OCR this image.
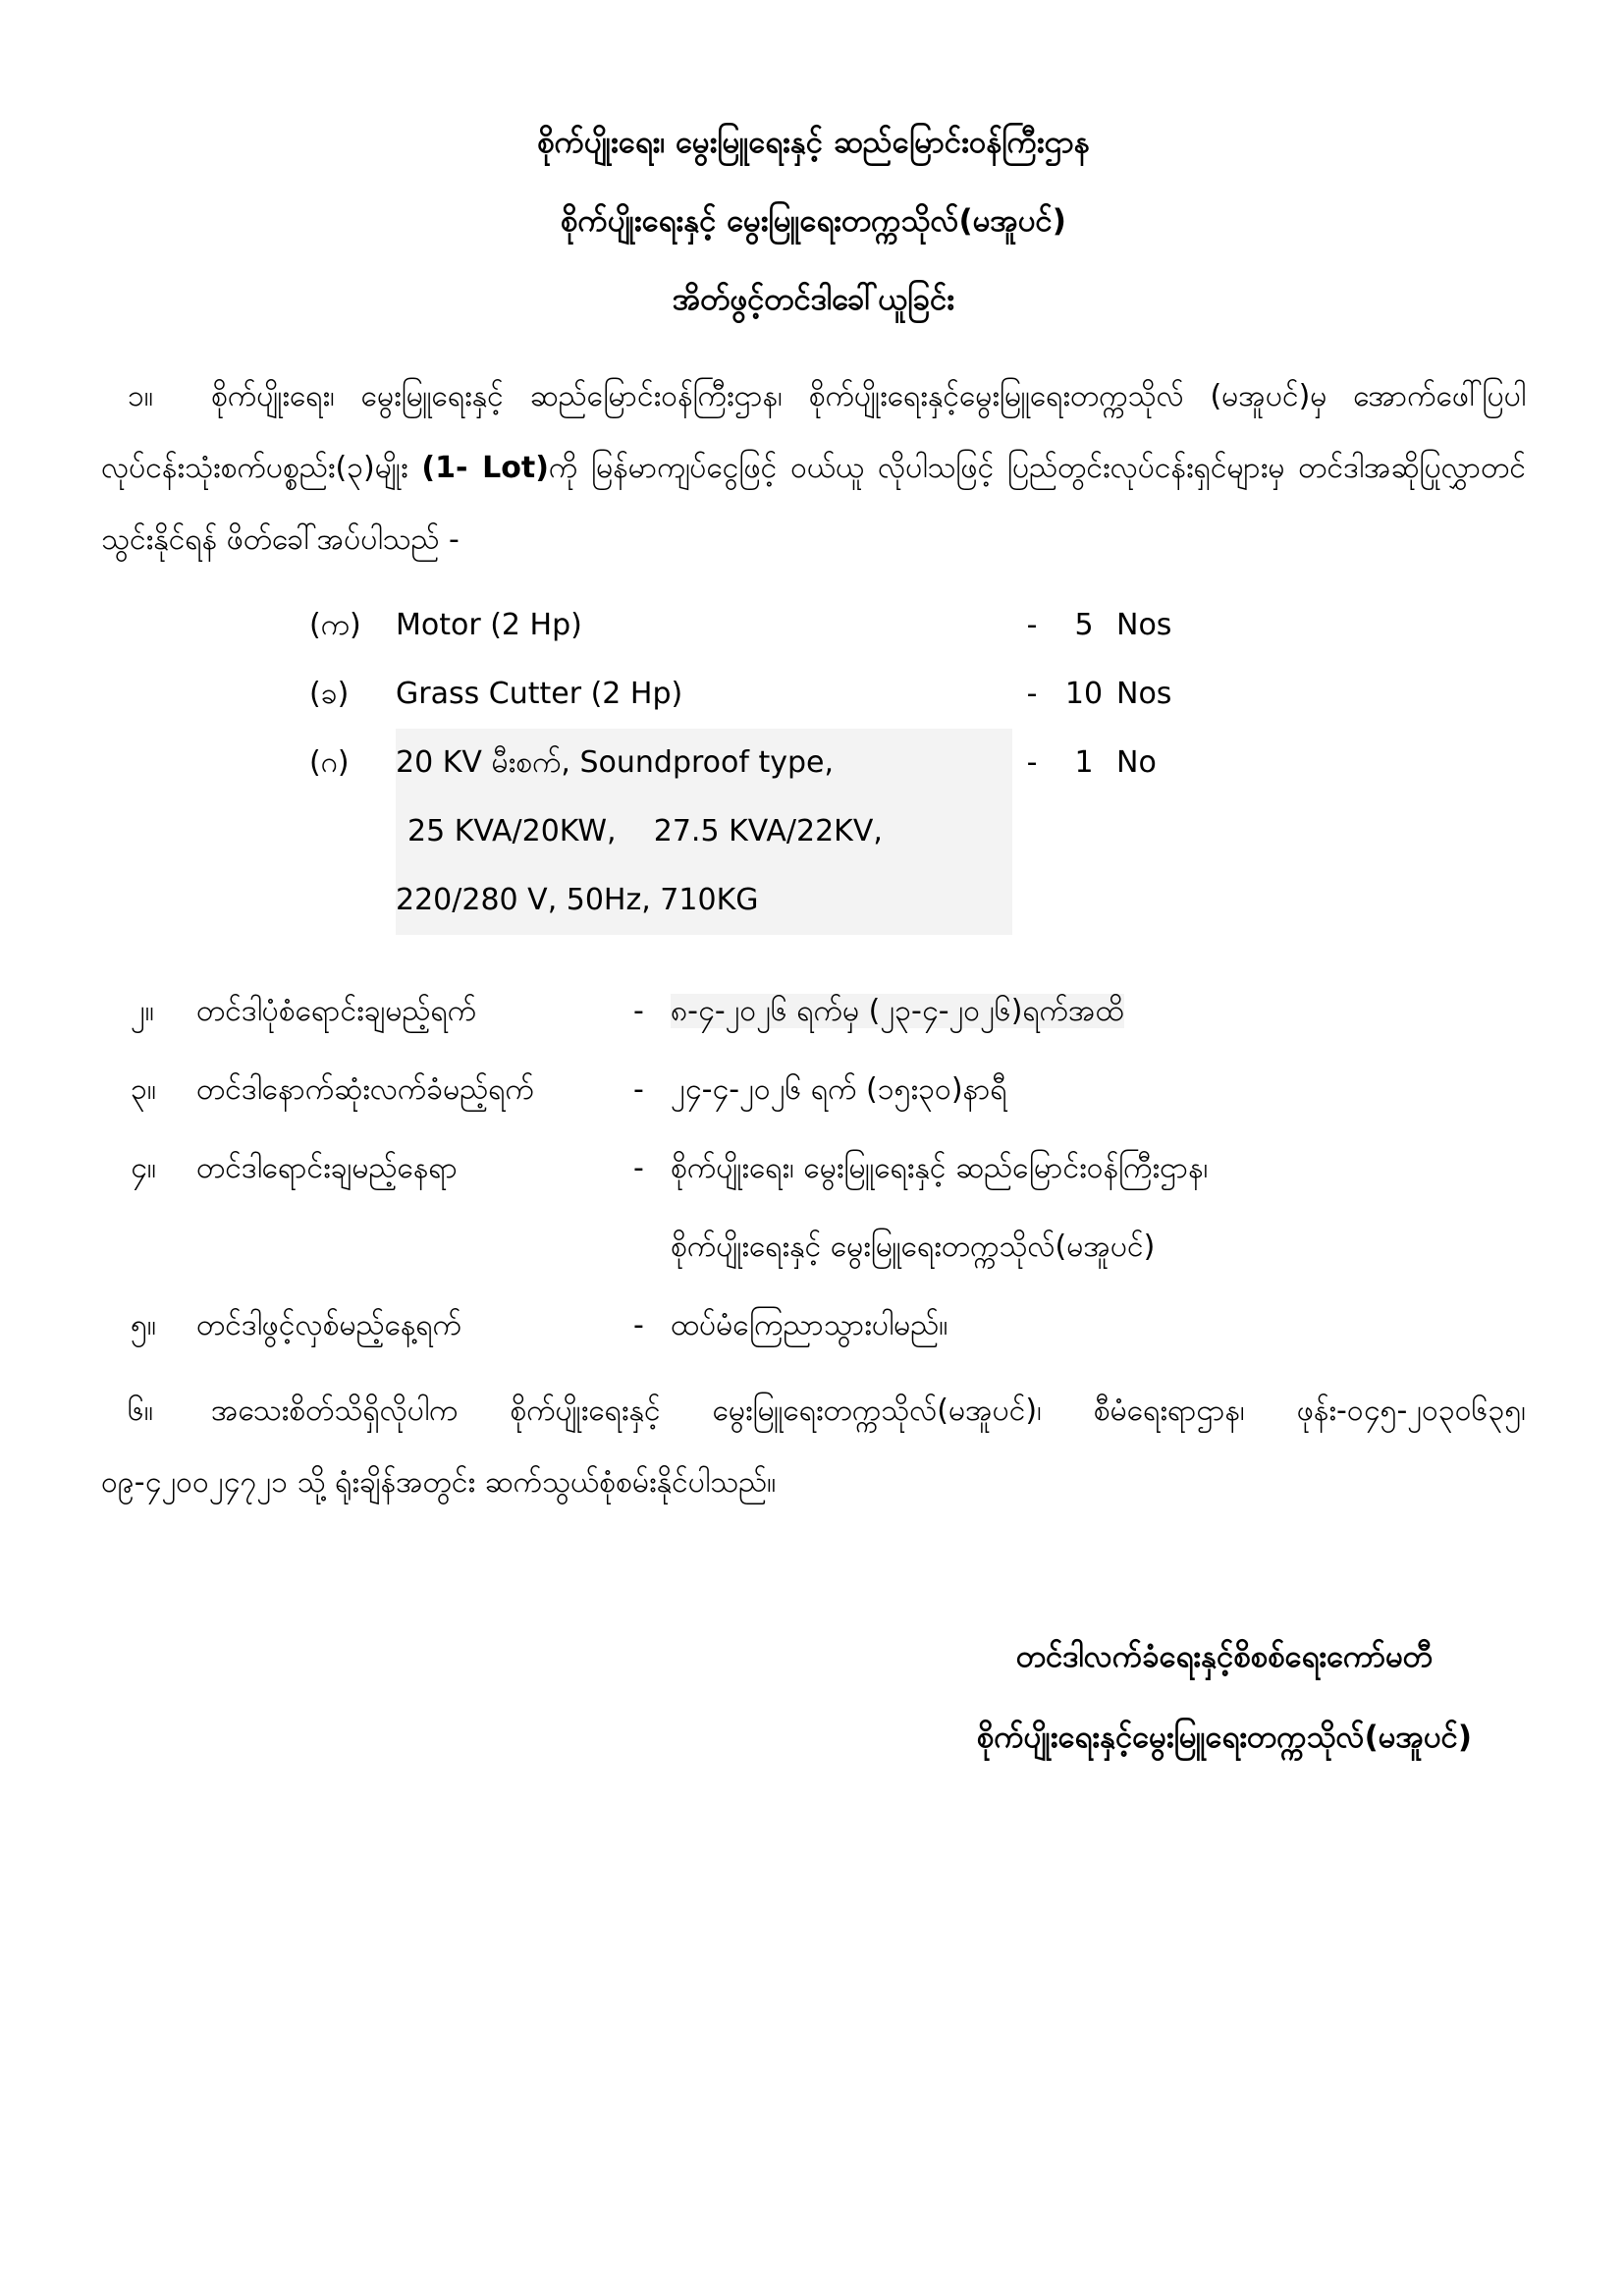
စိုက်ပျိုးရေး၊ မွေးမြူရေးနှင့် ဆည်မြောင်းဝန်ကြီးဌာန
စိုက်ပျိုးရေးနှင့် မွေးမြူရေးတက္ကသိုလ်(မအူပင်)
အိတ်ဖွင့်တင်ဒါခေါ်ယူခြင်း
၁။ စိုက်ပျိုးရေး၊ မွေးမြူရေးနှင့် ဆည်မြောင်းဝန်ကြီးဌာန၊ စိုက်ပျိုးရေးနှင့်မွေးမြူရေးတက္ကသိုလ် (မအူပင်)မှ အောက်ဖေါ်ပြပါ လုပ်ငန်းသုံးစက်ပစ္စည်း(၃)မျိုး (1- Lot)ကို မြန်မာကျပ်ငွေဖြင့် ဝယ်ယူ လိုပါသဖြင့် ပြည်တွင်းလုပ်ငန်းရှင်များမှ တင်ဒါအဆိုပြုလွှာတင်သွင်းနိုင်ရန် ဖိတ်ခေါ်အပ်ပါသည် -
(က)	Motor (2 Hp)	-	5 Nos
(ခ)	Grass Cutter (2 Hp)	- 10 Nos
(ဂ)	20 KV မီးစက်, Soundproof type,	-	1 No
25 KVA/20KW,    27.5 KVA/22KV,
220/280 V, 50Hz, 710KG
၂။	တင်ဒါပုံစံရောင်းချမည့်ရက်	- ၈-၄-၂၀၂၆ ရက်မှ (၂၃-၄-၂၀၂၆)ရက်အထိ
၃။	တင်ဒါနောက်ဆုံးလက်ခံမည့်ရက်	- ၂၄-၄-၂၀၂၆ ရက် (၁၅း၃၀)နာရီ
၄။	တင်ဒါရောင်းချမည့်နေရာ	- စိုက်ပျိုးရေး၊ မွေးမြူရေးနှင့် ဆည်မြောင်းဝန်ကြီးဌာန၊
စိုက်ပျိုးရေးနှင့် မွေးမြူရေးတက္ကသိုလ်(မအူပင်)
၅။	တင်ဒါဖွင့်လှစ်မည့်နေ့ရက်	- ထပ်မံကြေညာသွားပါမည်။
၆။ အသေးစိတ်သိရှိလိုပါက စိုက်ပျိုးရေးနှင့် မွေးမြူရေးတက္ကသိုလ်(မအူပင်)၊ စီမံရေးရာဌာန၊ ဖုန်း-၀၄၅-၂၀၃၀၆၃၅၊ ၀၉-၄၂၀၀၂၄၇၂၁ သို့ ရုံးချိန်အတွင်း ဆက်သွယ်စုံစမ်းနိုင်ပါသည်။
တင်ဒါလက်ခံရေးနှင့်စိစစ်ရေးကော်မတီ
စိုက်ပျိုးရေးနှင့်မွေးမြူရေးတက္ကသိုလ်(မအူပင်)
